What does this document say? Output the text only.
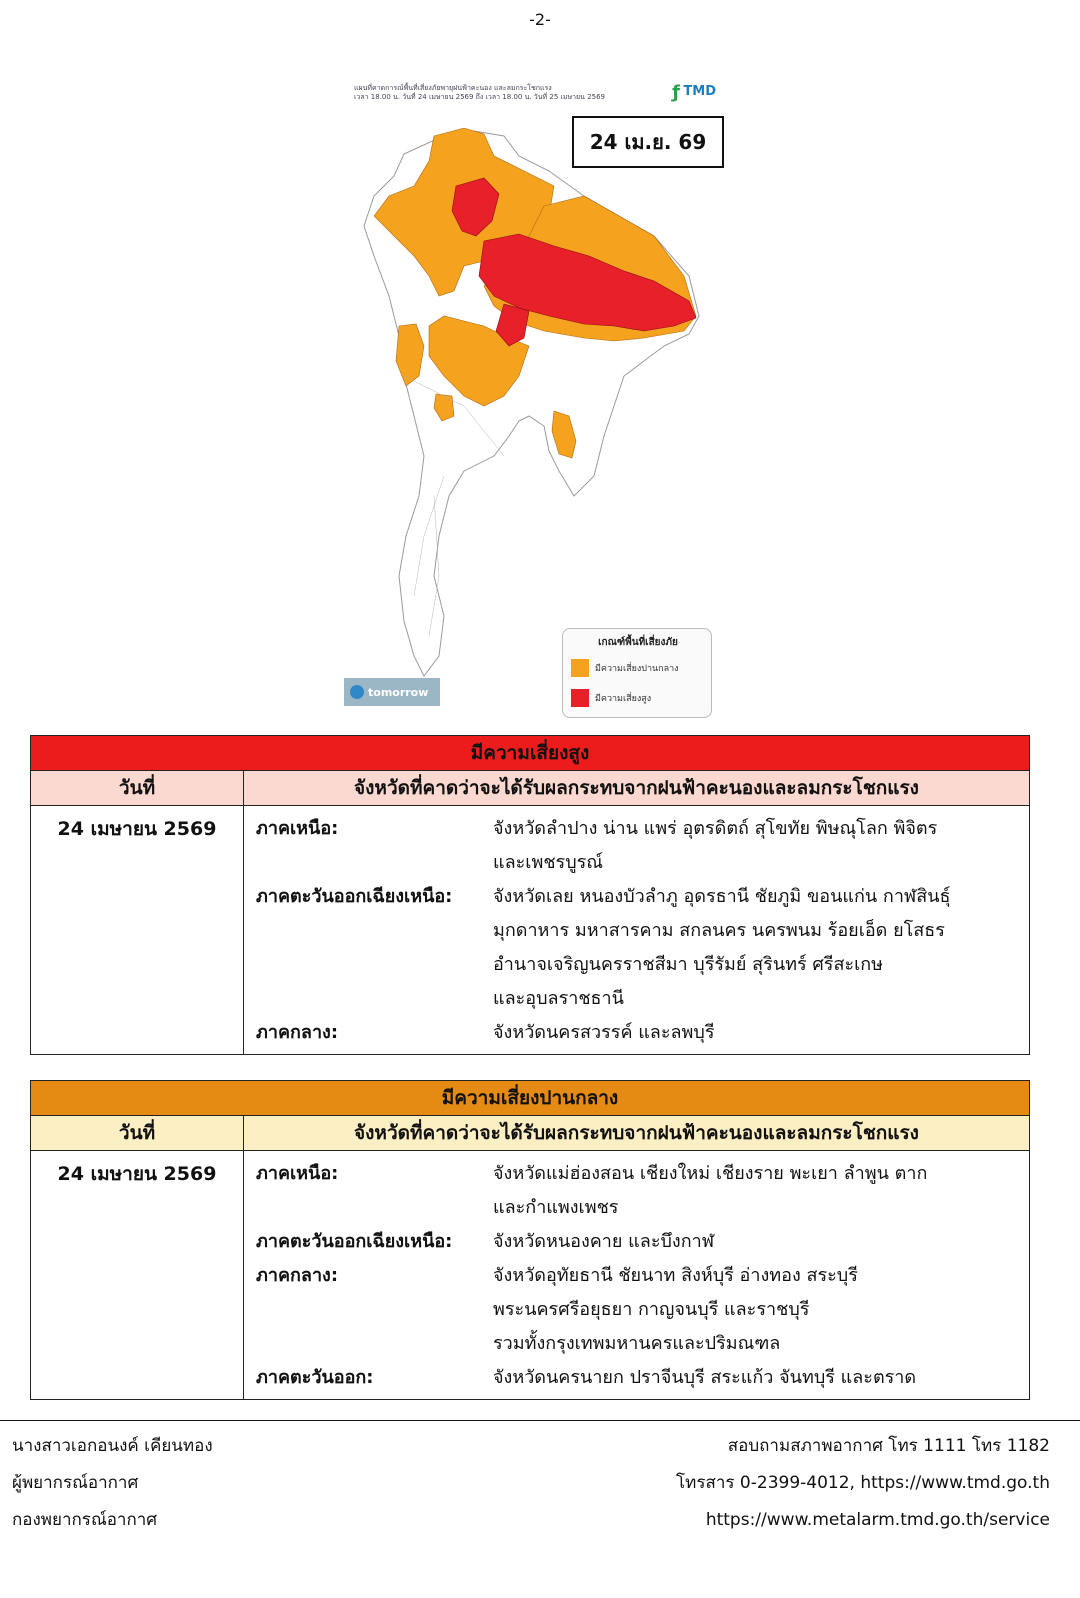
-2-
แผนที่คาดการณ์พื้นที่เสี่ยงภัยพายุฝนฟ้าคะนอง และลมกระโชกแรง
เวลา 18.00 น. วันที่ 24 เมษายน 2569 ถึง เวลา 18.00 น. วันที่ 25 เมษายน 2569	ƒ TMD
24 เม.ย. 69
tomorrow
เกณฑ์พื้นที่เสี่ยงภัย
มีความเสี่ยงปานกลาง
มีความเสี่ยงสูง
มีความเสี่ยงสูง
วันที่	จังหวัดที่คาดว่าจะได้รับผลกระทบจากฝนฟ้าคะนองและลมกระโชกแรง
24 เมษายน 2569	ภาคเหนือ:	จังหวัดลำปาง น่าน แพร่ อุตรดิตถ์ สุโขทัย พิษณุโลก พิจิตร
และเพชรบูรณ์
ภาคตะวันออกเฉียงเหนือ:	จังหวัดเลย หนองบัวลำภู อุดรธานี ชัยภูมิ ขอนแก่น กาฬสินธุ์
มุกดาหาร มหาสารคาม สกลนคร นครพนม ร้อยเอ็ด ยโสธร
อำนาจเจริญนครราชสีมา บุรีรัมย์ สุรินทร์ ศรีสะเกษ
และอุบลราชธานี
ภาคกลาง:	จังหวัดนครสวรรค์ และลพบุรี
มีความเสี่ยงปานกลาง
วันที่	จังหวัดที่คาดว่าจะได้รับผลกระทบจากฝนฟ้าคะนองและลมกระโชกแรง
24 เมษายน 2569	ภาคเหนือ:	จังหวัดแม่ฮ่องสอน เชียงใหม่ เชียงราย พะเยา ลำพูน ตาก
และกำแพงเพชร
ภาคตะวันออกเฉียงเหนือ:	จังหวัดหนองคาย และบึงกาฬ
ภาคกลาง:	จังหวัดอุทัยธานี ชัยนาท สิงห์บุรี อ่างทอง สระบุรี
พระนครศรีอยุธยา กาญจนบุรี และราชบุรี
รวมทั้งกรุงเทพมหานครและปริมณฑล
ภาคตะวันออก:	จังหวัดนครนายก ปราจีนบุรี สระแก้ว จันทบุรี และตราด
นางสาวเอกอนงค์ เคียนทอง
ผู้พยากรณ์อากาศ
กองพยากรณ์อากาศ
สอบถามสภาพอากาศ โทร 1111 โทร 1182
โทรสาร 0-2399-4012, https://www.tmd.go.th
https://www.metalarm.tmd.go.th/service
